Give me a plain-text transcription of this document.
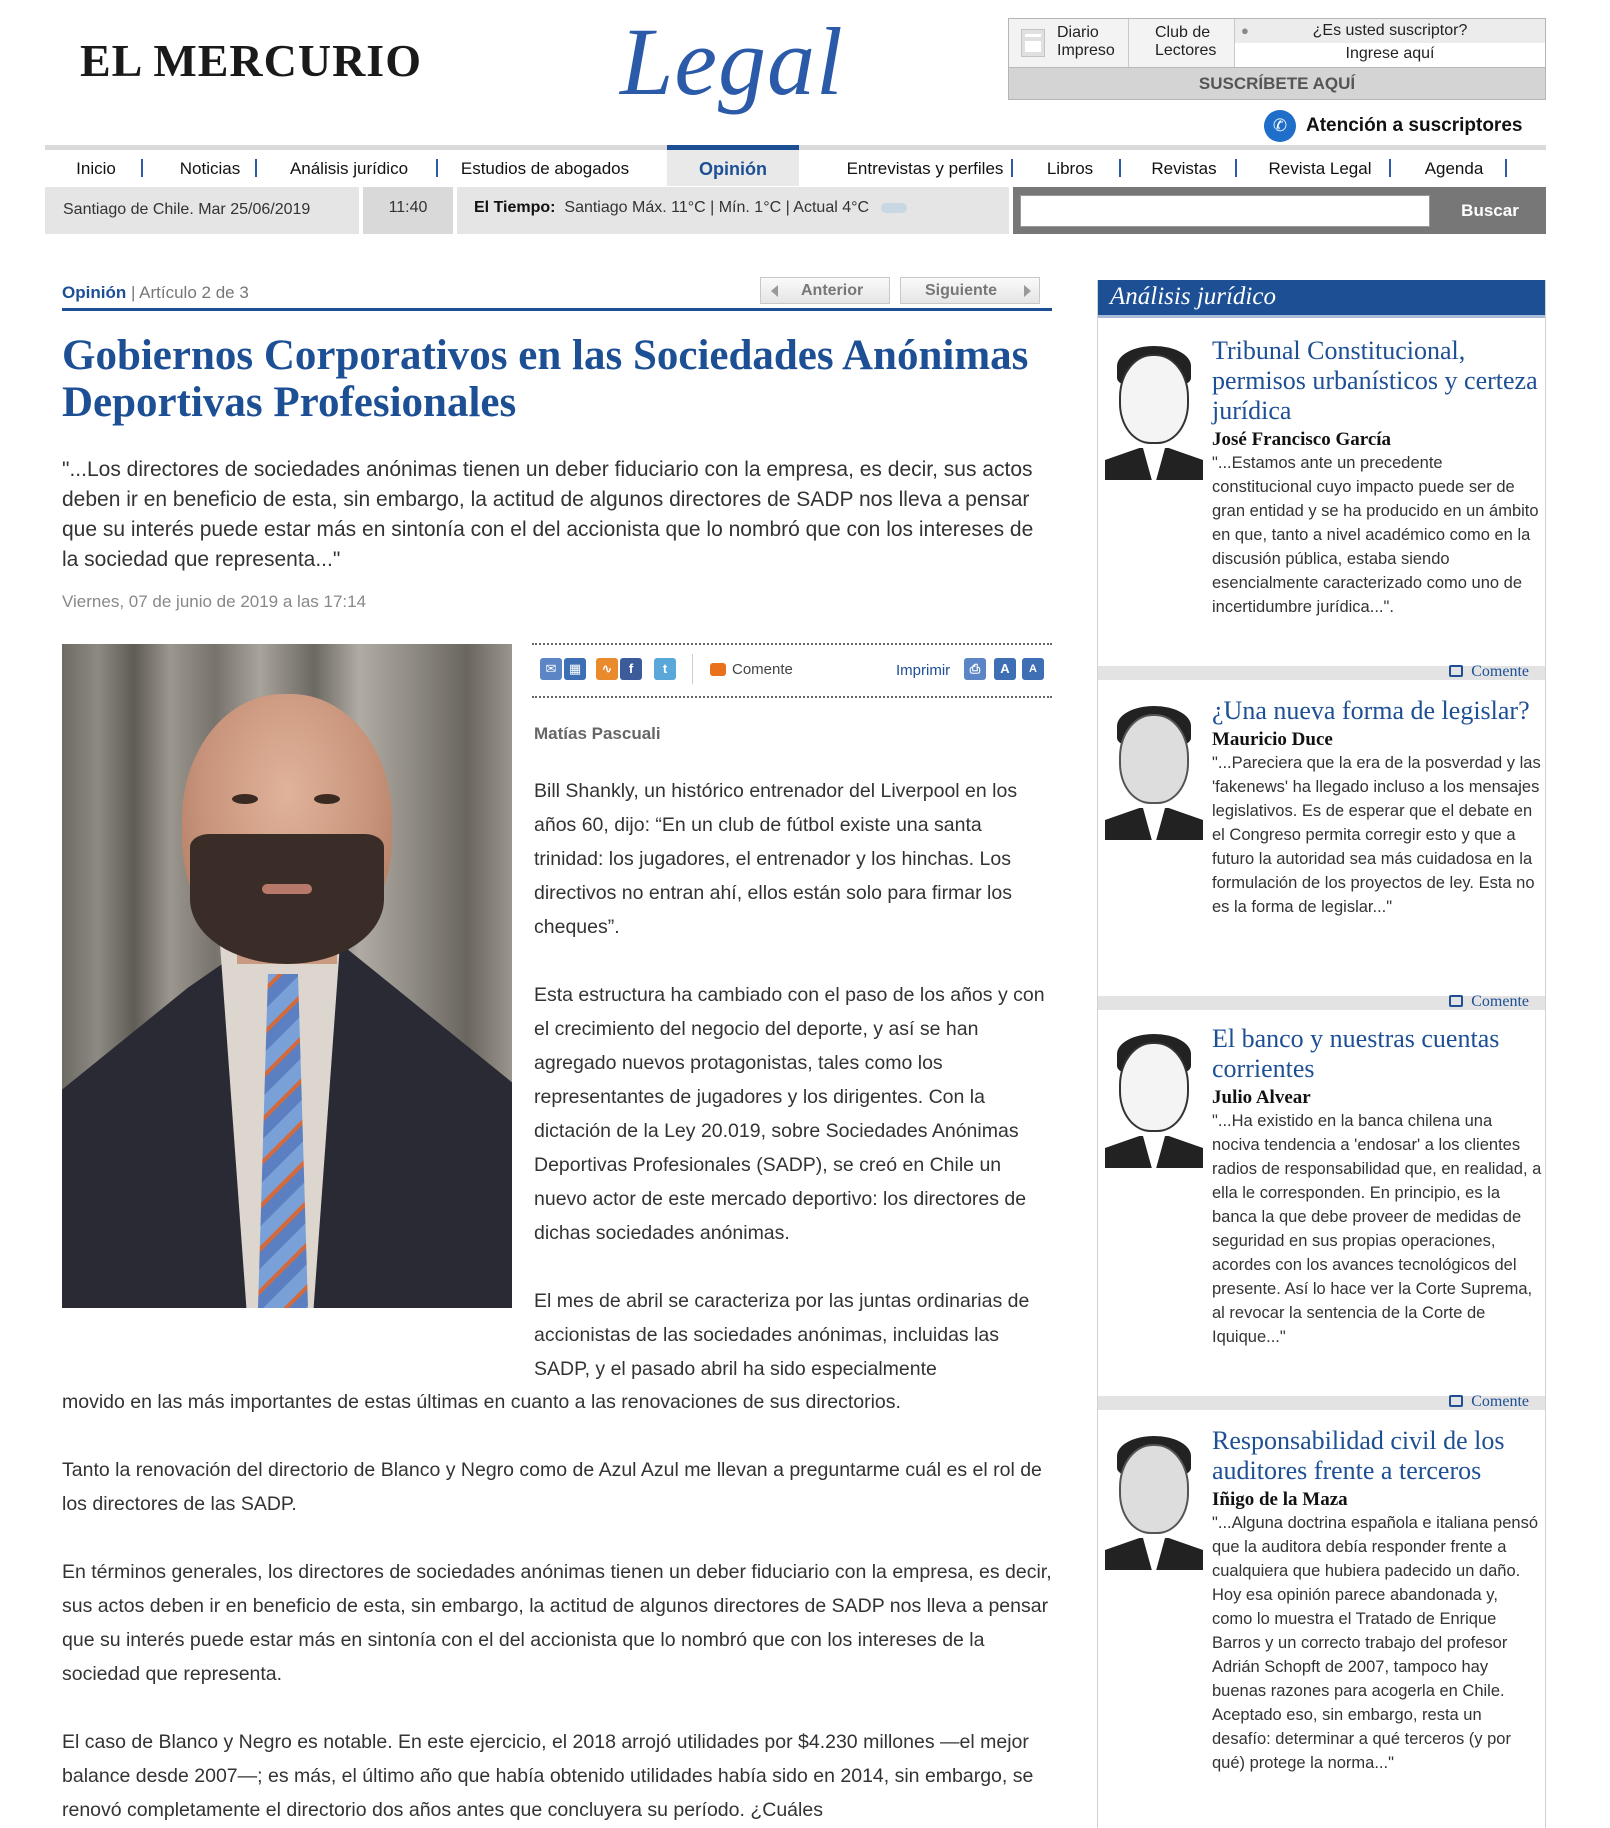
EL MERCURIO Legal	Diario Impreso
Club de Lectores
●	¿Es usted suscriptor?
Ingrese aquí
SUSCRÍBETE AQUÍ
✆ Atención a suscriptores
Inicio	Noticias	Análisis jurídico	Estudios de abogados	Opinión	Entrevistas y perfiles	Libros	Revistas	Revista Legal	Agenda
Santiago de Chile. Mar 25/06/2019	11:40	El Tiempo: Santiago Máx. 11°C | Mín. 1°C | Actual 4°C	Buscar
Opinión | Artículo 2 de 3	Anterior	Siguiente
Gobiernos Corporativos en las Sociedades Anónimas Deportivas Profesionales
"...Los directores de sociedades anónimas tienen un deber fiduciario con la empresa, es decir, sus actos deben ir en beneficio de esta, sin embargo, la actitud de algunos directores de SADP nos lleva a pensar que su interés puede estar más en sintonía con el del accionista que lo nombró que con los intereses de la sociedad que representa..."
Viernes, 07 de junio de 2019 a las 17:14
✉ ▦	∿	f	t	Comente	Imprimir	⎙	A	A
Matías Pascuali

Bill Shankly, un histórico entrenador del Liverpool en los años 60, dijo: “En un club de fútbol existe una santa trinidad: los jugadores, el entrenador y los hinchas. Los directivos no entran ahí, ellos están solo para firmar los cheques”.

Esta estructura ha cambiado con el paso de los años y con el crecimiento del negocio del deporte, y así se han agregado nuevos protagonistas, tales como los representantes de jugadores y los dirigentes. Con la dictación de la Ley 20.019, sobre Sociedades Anónimas Deportivas Profesionales (SADP), se creó en Chile un nuevo actor de este mercado deportivo: los directores de dichas sociedades anónimas.

El mes de abril se caracteriza por las juntas ordinarias de accionistas de las sociedades anónimas, incluidas las SADP, y el pasado abril ha sido especialmente

movido en las más importantes de estas últimas en cuanto a las renovaciones de sus directorios.

Tanto la renovación del directorio de Blanco y Negro como de Azul Azul me llevan a preguntarme cuál es el rol de los directores de las SADP.

En términos generales, los directores de sociedades anónimas tienen un deber fiduciario con la empresa, es decir, sus actos deben ir en beneficio de esta, sin embargo, la actitud de algunos directores de SADP nos lleva a pensar que su interés puede estar más en sintonía con el del accionista que lo nombró que con los intereses de la sociedad que representa.

El caso de Blanco y Negro es notable. En este ejercicio, el 2018 arrojó utilidades por $4.230 millones —el mejor balance desde 2007—; es más, el último año que había obtenido utilidades había sido en 2014, sin embargo, se renovó completamente el directorio dos años antes que concluyera su período. ¿Cuáles

Análisis jurídico
Tribunal Constitucional, permisos urbanísticos y certeza jurídica
José Francisco García
"...Estamos ante un precedente constitucional cuyo impacto puede ser de gran entidad y se ha producido en un ámbito en que, tanto a nivel académico como en la discusión pública, estaba siendo esencialmente caracterizado como uno de incertidumbre jurídica...".
Comente
¿Una nueva forma de legislar?
Mauricio Duce
"...Pareciera que la era de la posverdad y las 'fakenews' ha llegado incluso a los mensajes legislativos. Es de esperar que el debate en el Congreso permita corregir esto y que a futuro la autoridad sea más cuidadosa en la formulación de los proyectos de ley. Esta no es la forma de legislar..."
Comente
El banco y nuestras cuentas corrientes
Julio Alvear
"...Ha existido en la banca chilena una nociva tendencia a 'endosar' a los clientes radios de responsabilidad que, en realidad, a ella le corresponden. En principio, es la banca la que debe proveer de medidas de seguridad en sus propias operaciones, acordes con los avances tecnológicos del presente. Así lo hace ver la Corte Suprema, al revocar la sentencia de la Corte de Iquique..."
Comente
Responsabilidad civil de los auditores frente a terceros
Iñigo de la Maza
"...Alguna doctrina española e italiana pensó que la auditora debía responder frente a cualquiera que hubiera padecido un daño. Hoy esa opinión parece abandonada y, como lo muestra el Tratado de Enrique Barros y un correcto trabajo del profesor Adrián Schopft de 2007, tampoco hay buenas razones para acogerla en Chile. Aceptado eso, sin embargo, resta un desafío: determinar a qué terceros (y por qué) protege la norma..."
